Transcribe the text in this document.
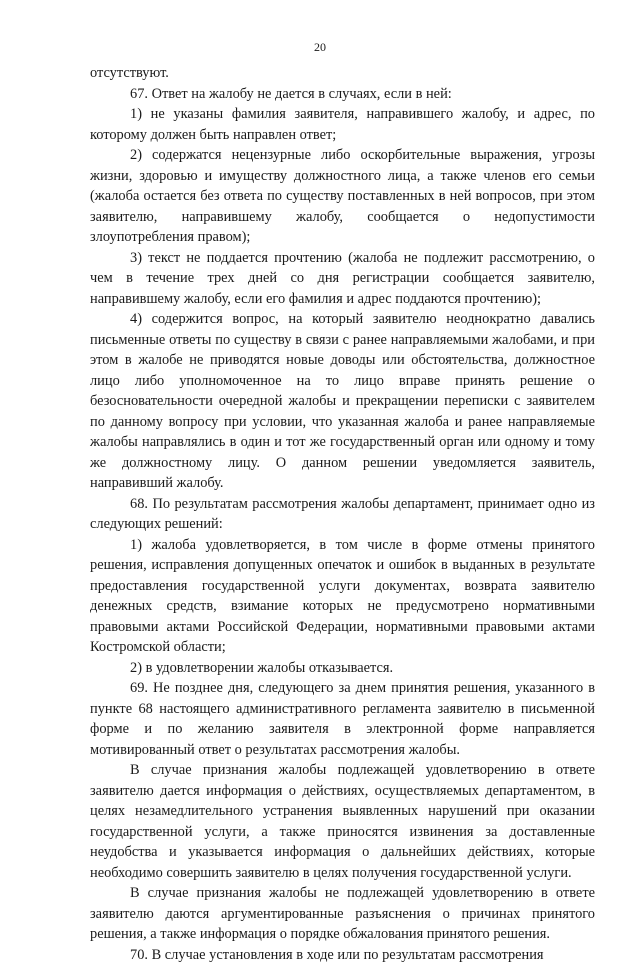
20

отсутствуют.

67. Ответ на жалобу не дается в случаях, если в ней:

1) не указаны фамилия заявителя, направившего жалобу, и адрес, по которому должен быть направлен ответ;

2) содержатся нецензурные либо оскорбительные выражения, угрозы жизни, здоровью и имуществу должностного лица, а также членов его семьи (жалоба остается без ответа по существу поставленных в ней вопросов, при этом заявителю, направившему жалобу, сообщается о недопустимости злоупотребления правом);

3) текст не поддается прочтению (жалоба не подлежит рассмотрению, о чем в течение трех дней со дня регистрации сообщается заявителю, направившему жалобу, если его фамилия и адрес поддаются прочтению);

4) содержится вопрос, на который заявителю неоднократно давались письменные ответы по существу в связи с ранее направляемыми жалобами, и при этом в жалобе не приводятся новые доводы или обстоятельства, должностное лицо либо уполномоченное на то лицо вправе принять решение о безосновательности очередной жалобы и прекращении переписки с заявителем по данному вопросу при условии, что указанная жалоба и ранее направляемые жалобы направлялись в один и тот же государственный орган или одному и тому же должностному лицу. О данном решении уведомляется заявитель, направивший жалобу.

68. По результатам рассмотрения жалобы департамент, принимает одно из следующих решений:

1) жалоба удовлетворяется, в том числе в форме отмены принятого решения, исправления допущенных опечаток и ошибок в выданных в результате предоставления государственной услуги документах, возврата заявителю денежных средств, взимание которых не предусмотрено нормативными правовыми актами Российской Федерации, нормативными правовыми актами Костромской области;

2) в удовлетворении жалобы отказывается.

69. Не позднее дня, следующего за днем принятия решения, указанного в пункте 68 настоящего административного регламента заявителю в письменной форме и по желанию заявителя в электронной форме направляется мотивированный ответ о результатах рассмотрения жалобы.

В случае признания жалобы подлежащей удовлетворению в ответе заявителю дается информация о действиях, осуществляемых департаментом, в целях незамедлительного устранения выявленных нарушений при оказании государственной услуги, а также приносятся извинения за доставленные неудобства и указывается информация о дальнейших действиях, которые необходимо совершить заявителю в целях получения государственной услуги.

В случае признания жалобы не подлежащей удовлетворению в ответе заявителю даются аргументированные разъяснения о причинах принятого решения, а также информация о порядке обжалования принятого решения.

70. В случае установления в ходе или по результатам рассмотрения
